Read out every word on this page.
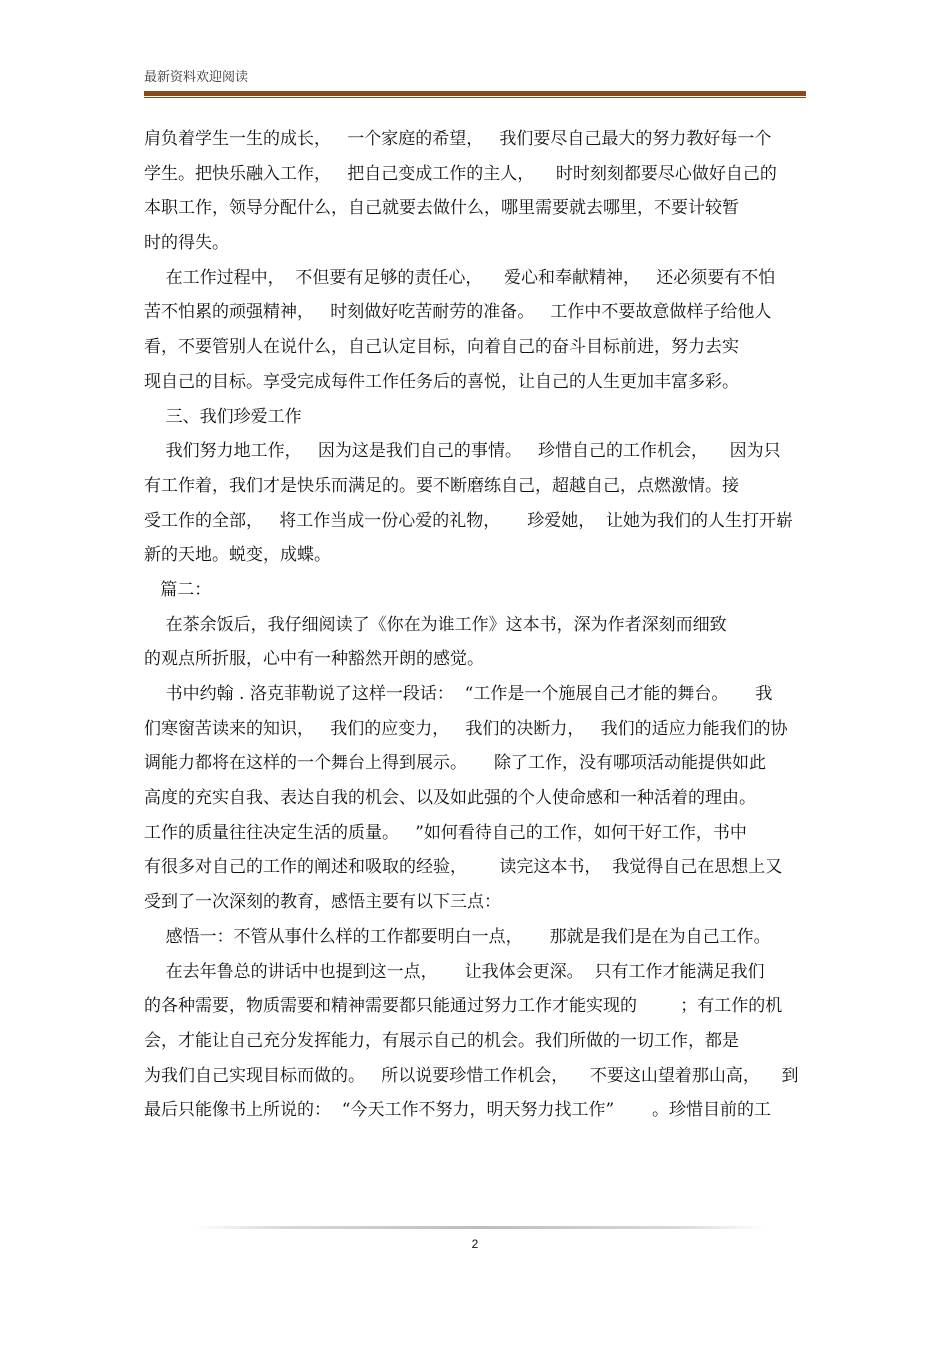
最新资料欢迎阅读
肩负着学生一生的成长，   一个家庭的希望，   我们要尽自己最大的努力教好每一个
学生。把快乐融入工作，   把自己变成工作的主人，    时时刻刻都要尽心做好自己的
本职工作，领导分配什么，自己就要去做什么，哪里需要就去哪里，不要计较暂
时的得失。
在工作过程中，  不但要有足够的责任心，    爱心和奉献精神，   还必须要有不怕
苦不怕累的顽强精神，   时刻做好吃苦耐劳的准备。   工作中不要故意做样子给他人
看，不要管别人在说什么，自己认定目标，向着自己的奋斗目标前进，努力去实
现自己的目标。享受完成每件工作任务后的喜悦，让自己的人生更加丰富多彩。
三、我们珍爱工作
我们努力地工作，   因为这是我们自己的事情。   珍惜自己的工作机会，    因为只
有工作着，我们才是快乐而满足的。要不断磨练自己，超越自己，点燃激情。接
受工作的全部，   将工作当成一份心爱的礼物，     珍爱她，  让她为我们的人生打开崭
新的天地。蜕变，成蝶。
篇二：
在茶余饭后，我仔细阅读了《你在为谁工作》这本书，深为作者深刻而细致
的观点所折服，心中有一种豁然开朗的感觉。
书中约翰 . 洛克菲勒说了这样一段话：  “工作是一个施展自己才能的舞台。     我
们寒窗苦读来的知识，   我们的应变力，   我们的决断力，   我们的适应力能我们的协
调能力都将在这样的一个舞台上得到展示。     除了工作，没有哪项活动能提供如此
高度的充实自我、表达自我的机会、以及如此强的个人使命感和一种活着的理由。
工作的质量往往决定生活的质量。   ”如何看待自己的工作，如何干好工作，书中
有很多对自己的工作的阐述和吸取的经验，      读完这本书，  我觉得自己在思想上又
受到了一次深刻的教育，感悟主要有以下三点：
感悟一：不管从事什么样的工作都要明白一点，     那就是我们是在为自己工作。
在去年鲁总的讲话中也提到这一点，     让我体会更深。  只有工作才能满足我们
的各种需要，物质需要和精神需要都只能通过努力工作才能实现的        ；有工作的机
会，才能让自己充分发挥能力，有展示自己的机会。我们所做的一切工作，都是
为我们自己实现目标而做的。   所以说要珍惜工作机会，    不要这山望着那山高，    到
最后只能像书上所说的：  “今天工作不努力，明天努力找工作”       。珍惜目前的工
2
